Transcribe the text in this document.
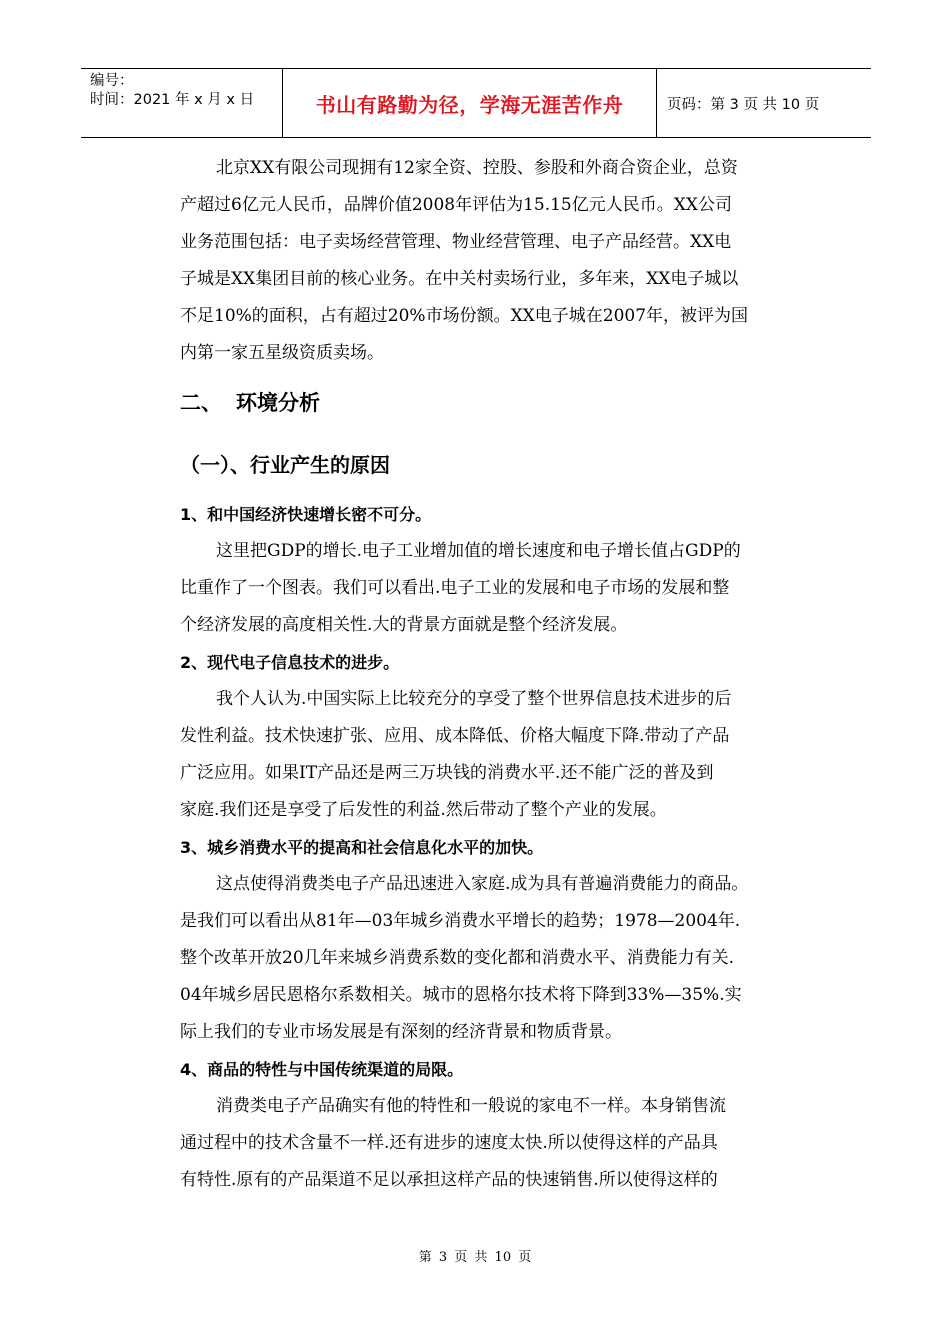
编号：
时间：2021 年 x 月 x 日	书山有路勤为径，学海无涯苦作舟	页码：第 3 页 共 10 页
北京XX有限公司现拥有12家全资、控股、参股和外商合资企业，总资
产超过6亿元人民币，品牌价值2008年评估为15.15亿元人民币。XX公司
业务范围包括：电子卖场经营管理、物业经营管理、电子产品经营。XX电
子城是XX集团目前的核心业务。在中关村卖场行业，多年来，XX电子城以
不足10%的面积，占有超过20%市场份额。XX电子城在2007年，被评为国
内第一家五星级资质卖场。
二、 环境分析
（一）、行业产生的原因
1、和中国经济快速增长密不可分。
这里把GDP的增长.电子工业增加值的增长速度和电子增长值占GDP的
比重作了一个图表。我们可以看出.电子工业的发展和电子市场的发展和整
个经济发展的高度相关性.大的背景方面就是整个经济发展。
2、现代电子信息技术的进步。
我个人认为.中国实际上比较充分的享受了整个世界信息技术进步的后
发性利益。技术快速扩张、应用、成本降低、价格大幅度下降.带动了产品
广泛应用。如果IT产品还是两三万块钱的消费水平.还不能广泛的普及到
家庭.我们还是享受了后发性的利益.然后带动了整个产业的发展。
3、城乡消费水平的提高和社会信息化水平的加快。
这点使得消费类电子产品迅速进入家庭.成为具有普遍消费能力的商品。
是我们可以看出从81年—03年城乡消费水平增长的趋势；1978—2004年.
整个改革开放20几年来城乡消费系数的变化都和消费水平、消费能力有关.
04年城乡居民恩格尔系数相关。城市的恩格尔技术将下降到33%—35%.实
际上我们的专业市场发展是有深刻的经济背景和物质背景。
4、商品的特性与中国传统渠道的局限。
消费类电子产品确实有他的特性和一般说的家电不一样。本身销售流
通过程中的技术含量不一样.还有进步的速度太快.所以使得这样的产品具
有特性.原有的产品渠道不足以承担这样产品的快速销售.所以使得这样的
第 3 页 共 10 页
